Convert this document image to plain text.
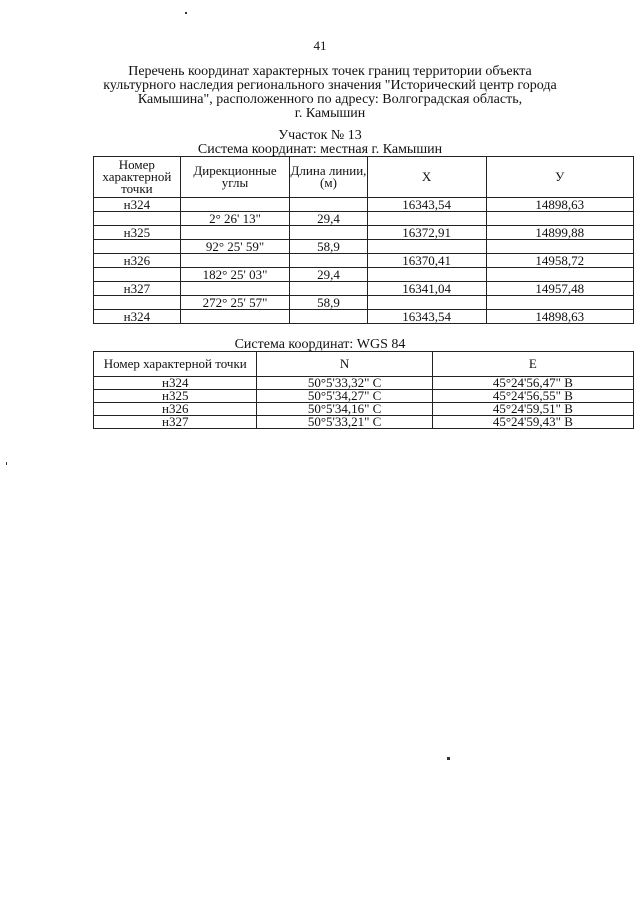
41
Перечень координат характерных точек границ территории объекта
культурного наследия регионального значения "Исторический центр города
Камышина", расположенного по адресу: Волгоградская область,
г. Камышин
Участок № 13
Система координат: местная г. Камышин
Номер характерной точки	Дирекционные углы	Длина линии, (м)	X	У
н324			16343,54	14898,63
	2° 26' 13"	29,4		
н325			16372,91	14899,88
	92° 25' 59"	58,9		
н326			16370,41	14958,72
	182° 25' 03"	29,4		
н327			16341,04	14957,48
	272° 25' 57"	58,9		
н324			16343,54	14898,63
Система координат: WGS 84
Номер характерной точки	N	E
н324	50°5'33,32" С	45°24'56,47" В
н325	50°5'34,27" С	45°24'56,55" В
н326	50°5'34,16" С	45°24'59,51" В
н327	50°5'33,21" С	45°24'59,43" В
